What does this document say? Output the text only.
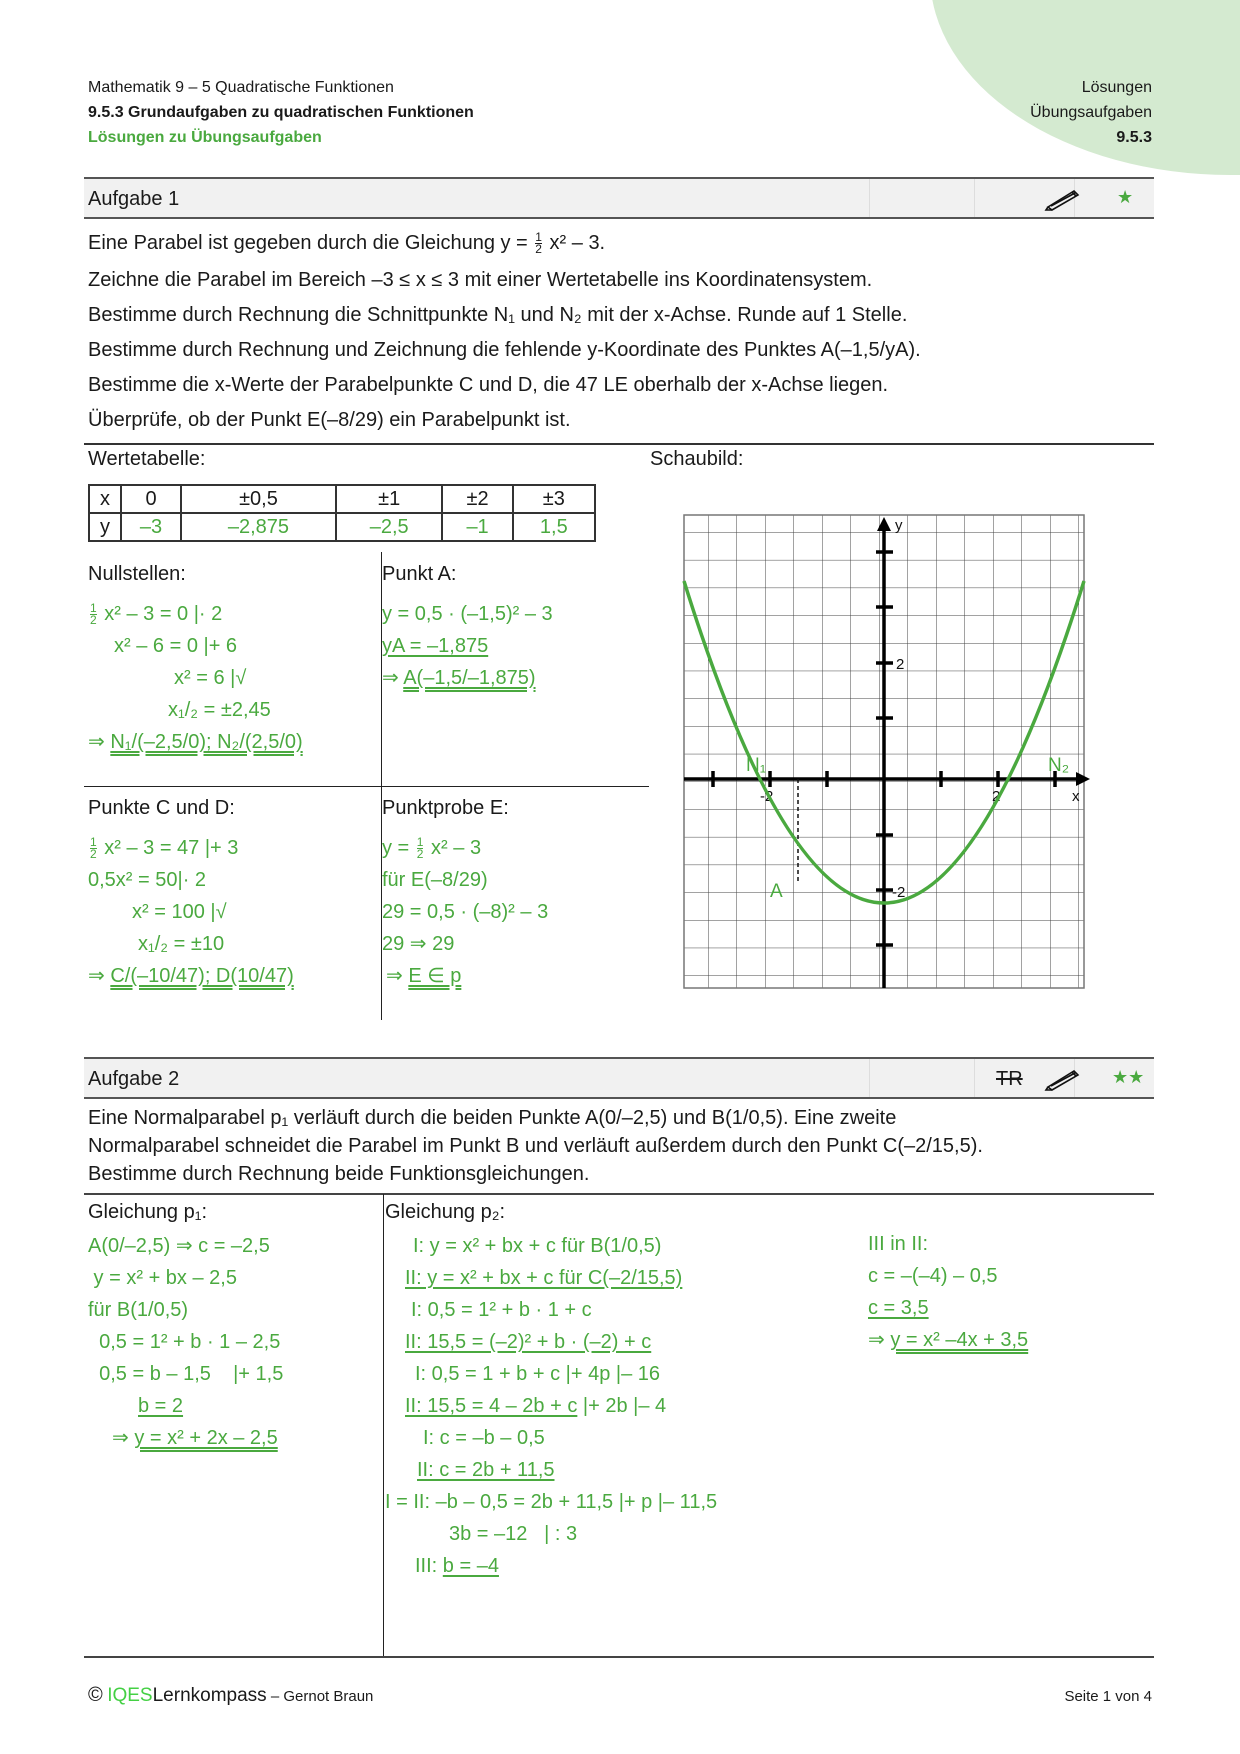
Mathematik 9 – 5 Quadratische Funktionen
9.5.3 Grundaufgaben zu quadratischen Funktionen
Lösungen zu Übungsaufgaben
Lösungen
Übungsaufgaben
9.5.3
Aufgabe 1	★
Eine Parabel ist gegeben durch die Gleichung $y = \frac{1}{2} x^2 - 3$.
Zeichne die Parabel im Bereich –3 ≤ x ≤ 3 mit einer Wertetabelle ins Koordinatensystem.
Bestimme durch Rechnung die Schnittpunkte N₁ und N₂ mit der x-Achse. Runde auf 1 Stelle.
Bestimme durch Rechnung und Zeichnung die fehlende y-Koordinate des Punktes A(–1,5/yA).
Bestimme die x-Werte der Parabelpunkte C und D, die 47 LE oberhalb der x-Achse liegen.
Überprüfe, ob der Punkt E(–8/29) ein Parabelpunkt ist.
Wertetabelle:	Schaubild:
x	0	±0,5	±1	±2	±3
y	–3	–2,875	–2,5	–1	1,5
Nullstellen:
$\frac{1}{2} x^2 - 3 = 0$ |· 2
x² – 6 = 0 |+ 6
x² = 6 |√
x₁/₂ = ±2,45
⇒ N₁/(–2,5/0); N₂/(2,5/0)
Punkt A:
y = 0,5 · (–1,5)² – 3
yA = –1,875
⇒ A(–1,5/–1,875)
Punkte C und D:
$\frac{1}{2} x^2 - 3 = 47$ |+ 3
0,5x² = 50|· 2
x² = 100 |√
x₁/₂ = ±10
⇒ C/(–10/47); D(10/47)
Punktprobe E:
$y = \frac{1}{2} x^2 - 3$
für E(–8/29)
29 = 0,5 · (–8)² – 3
29 ⇒ 29
⇒ E ∈ p
y
x
-2	2
2
-2
N₁	N₂
A
Aufgabe 2	TR	★★
Eine Normalparabel p₁ verläuft durch die beiden Punkte A(0/–2,5) und B(1/0,5). Eine zweite
Normalparabel schneidet die Parabel im Punkt B und verläuft außerdem durch den Punkt C(–2/15,5).
Bestimme durch Rechnung beide Funktionsgleichungen.
Gleichung p₁:
A(0/–2,5) ⇒ c = –2,5
y = x² + bx – 2,5
für B(1/0,5)
0,5 = 1² + b · 1 – 2,5
0,5 = b – 1,5    |+ 1,5
b = 2
⇒ y = x² + 2x – 2,5
Gleichung p₂:
I: y = x² + bx + c für B(1/0,5)
II: y = x² + bx + c für C(–2/15,5)
I: 0,5 = 1² + b · 1 + c
II: 15,5 = (–2)² + b · (–2) + c
I: 0,5 = 1 + b + c |+ 4p |– 16
II: 15,5 = 4 – 2b + c |+ 2b |– 4
I: c = –b – 0,5
II: c = 2b + 11,5
I = II: –b – 0,5 = 2b + 11,5 |+ p |– 11,5
3b = –12   | : 3
III: b = –4
III in II:
c = –(–4) – 0,5
c = 3,5
⇒ y = x² –4x + 3,5
© IQESLernkompass – Gernot Braun	Seite 1 von 4
